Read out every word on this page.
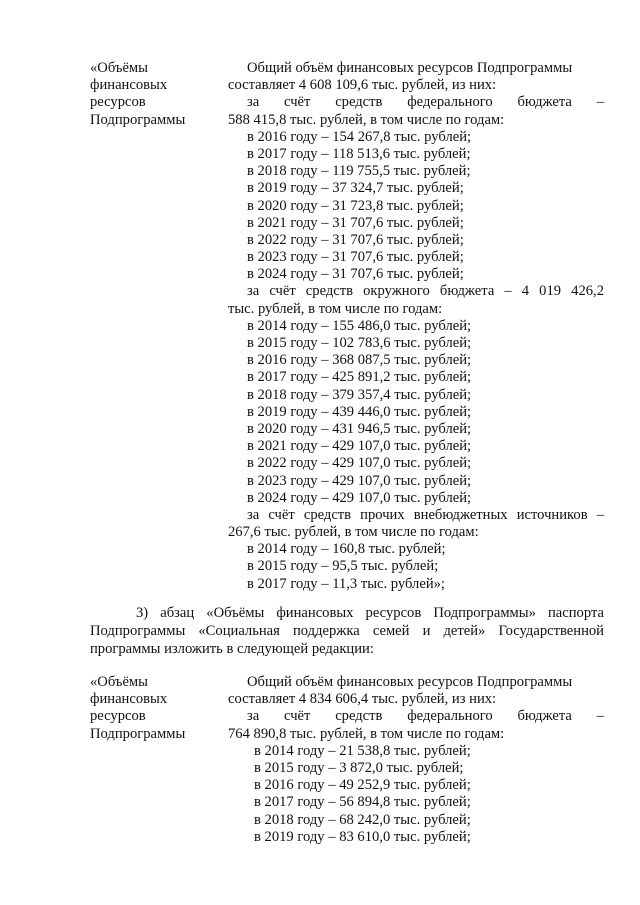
«Объёмы
финансовых
ресурсов
Подпрограммы
Общий объём финансовых ресурсов Подпрограммы
составляет 4 608 109,6 тыс. рублей, из них:
за счёт средств федерального бюджета –
588 415,8 тыс. рублей, в том числе по годам:
в 2016 году – 154 267,8 тыс. рублей;
в 2017 году – 118 513,6 тыс. рублей;
в 2018 году – 119 755,5 тыс. рублей;
в 2019 году – 37 324,7 тыс. рублей;
в 2020 году – 31 723,8 тыс. рублей;
в 2021 году – 31 707,6 тыс. рублей;
в 2022 году – 31 707,6 тыс. рублей;
в 2023 году – 31 707,6 тыс. рублей;
в 2024 году – 31 707,6 тыс. рублей;
за счёт средств окружного бюджета – 4 019 426,2
тыс. рублей, в том числе по годам:
в 2014 году – 155 486,0 тыс. рублей;
в 2015 году – 102 783,6 тыс. рублей;
в 2016 году – 368 087,5 тыс. рублей;
в 2017 году – 425 891,2 тыс. рублей;
в 2018 году – 379 357,4 тыс. рублей;
в 2019 году – 439 446,0 тыс. рублей;
в 2020 году – 431 946,5 тыс. рублей;
в 2021 году – 429 107,0 тыс. рублей;
в 2022 году – 429 107,0 тыс. рублей;
в 2023 году – 429 107,0 тыс. рублей;
в 2024 году – 429 107,0 тыс. рублей;
за счёт средств прочих внебюджетных источников –
267,6 тыс. рублей, в том числе по годам:
в 2014 году – 160,8 тыс. рублей;
в 2015 году – 95,5 тыс. рублей;
в 2017 году – 11,3 тыс. рублей»;
3) абзац «Объёмы финансовых ресурсов Подпрограммы» паспорта
Подпрограммы «Социальная поддержка семей и детей» Государственной
программы изложить в следующей редакции:
«Объёмы
финансовых
ресурсов
Подпрограммы
Общий объём финансовых ресурсов Подпрограммы
составляет 4 834 606,4 тыс. рублей, из них:
за счёт средств федерального бюджета –
764 890,8 тыс. рублей, в том числе по годам:
в 2014 году – 21 538,8 тыс. рублей;
в 2015 году – 3 872,0 тыс. рублей;
в 2016 году – 49 252,9 тыс. рублей;
в 2017 году – 56 894,8 тыс. рублей;
в 2018 году – 68 242,0 тыс. рублей;
в 2019 году – 83 610,0 тыс. рублей;
